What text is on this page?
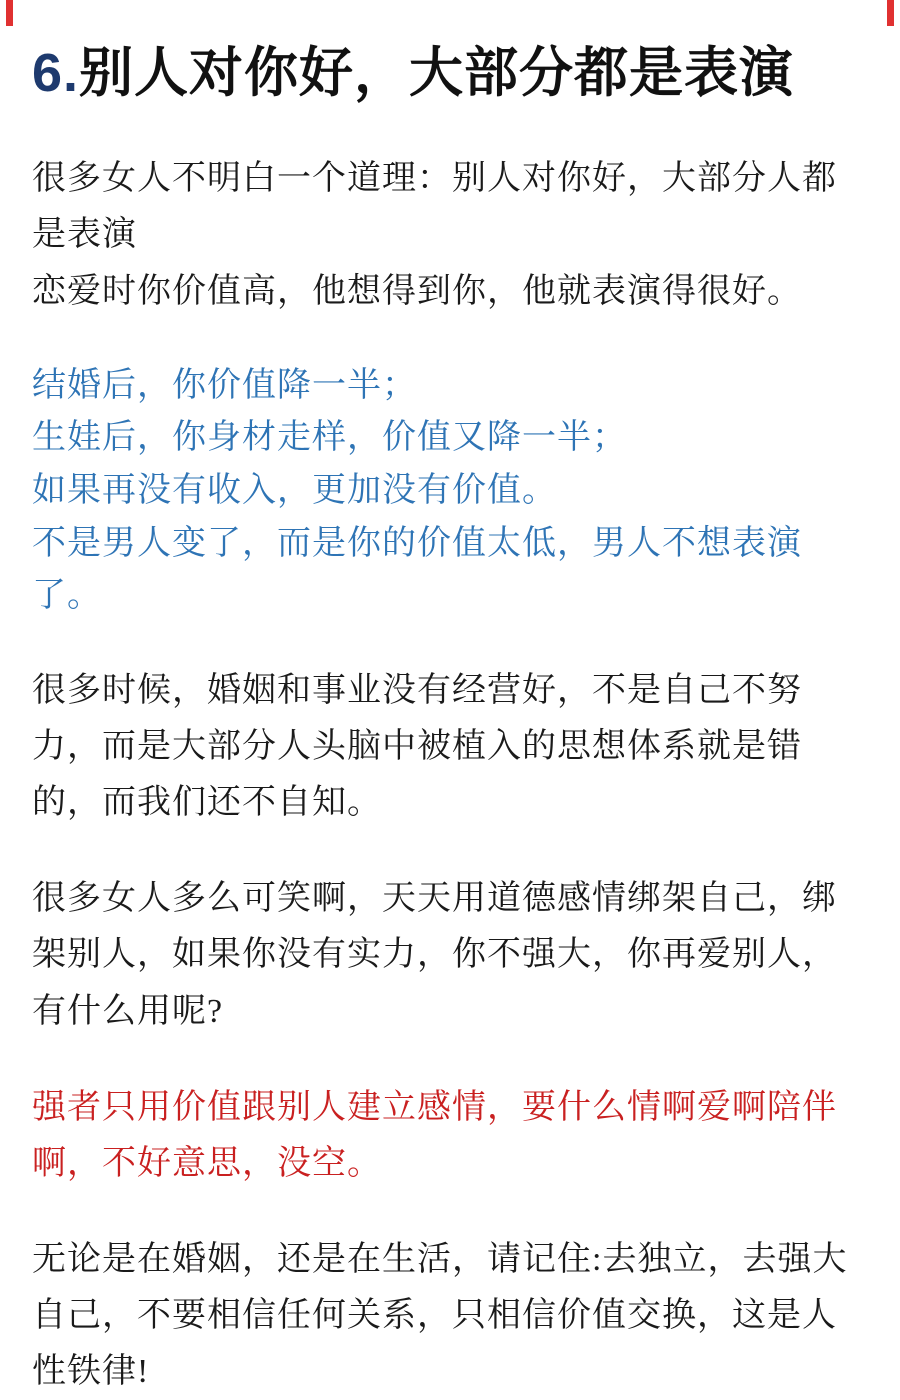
6.别人对你好，大部分都是表演

很多女人不明白一个道理：别人对你好，大部分人都是表演
恋爱时你价值高，他想得到你，他就表演得很好。

结婚后，你价值降一半；
生娃后，你身材走样，价值又降一半；
如果再没有收入，更加没有价值。
不是男人变了，而是你的价值太低，男人不想表演了。

很多时候，婚姻和事业没有经营好，不是自己不努力，而是大部分人头脑中被植入的思想体系就是错的，而我们还不自知。

很多女人多么可笑啊，天天用道德感情绑架自己，绑架别人，如果你没有实力，你不强大，你再爱别人，有什么用呢?

强者只用价值跟别人建立感情，要什么情啊爱啊陪伴啊，不好意思，没空。

无论是在婚姻，还是在生活，请记住:去独立，去强大自己，不要相信任何关系，只相信价值交换，这是人性铁律!
